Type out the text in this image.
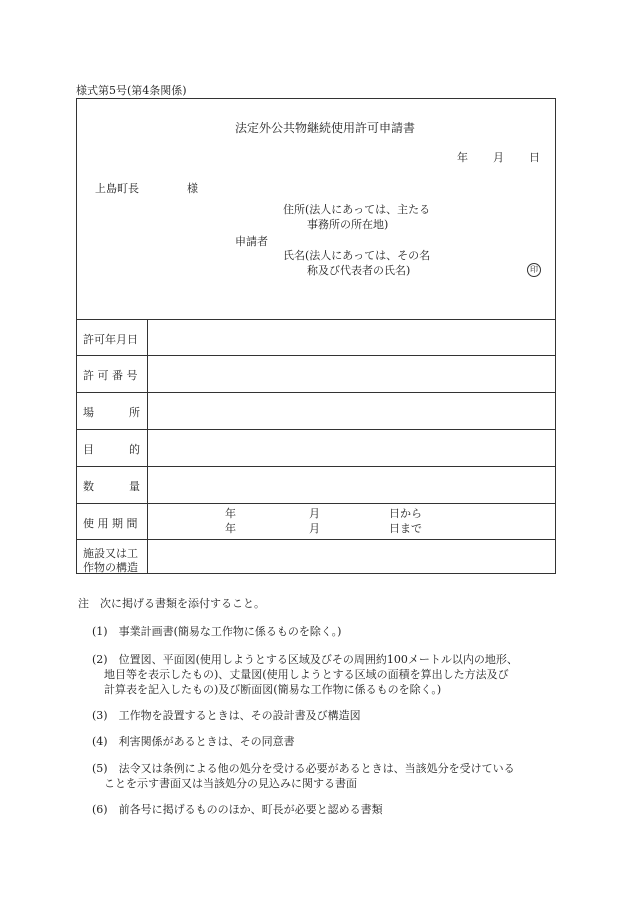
様式第5号(第4条関係)
法定外公共物継続使用許可申請書
年 月 日
上島町長	様
住所(法人にあっては、主たる
事務所の所在地)
申請者
氏名(法人にあっては、その名
称及び代表者の氏名)	印
許可年月日
許 可 番 号
場	所
目	的
数	量
使 用 期 間
年	月	日から
年	月	日まで
施設又は工
作物の構造
注　次に掲げる書類を添付すること。
(1)　事業計画書(簡易な工作物に係るものを除く。)
(2)　位置図、平面図(使用しようとする区域及びその周囲約100メートル以内の地形、
地目等を表示したもの)、丈量図(使用しようとする区域の面積を算出した方法及び
計算表を記入したもの)及び断面図(簡易な工作物に係るものを除く。)
(3)　工作物を設置するときは、その設計書及び構造図
(4)　利害関係があるときは、その同意書
(5)　法令又は条例による他の処分を受ける必要があるときは、当該処分を受けている
ことを示す書面又は当該処分の見込みに関する書面
(6)　前各号に掲げるもののほか、町長が必要と認める書類
